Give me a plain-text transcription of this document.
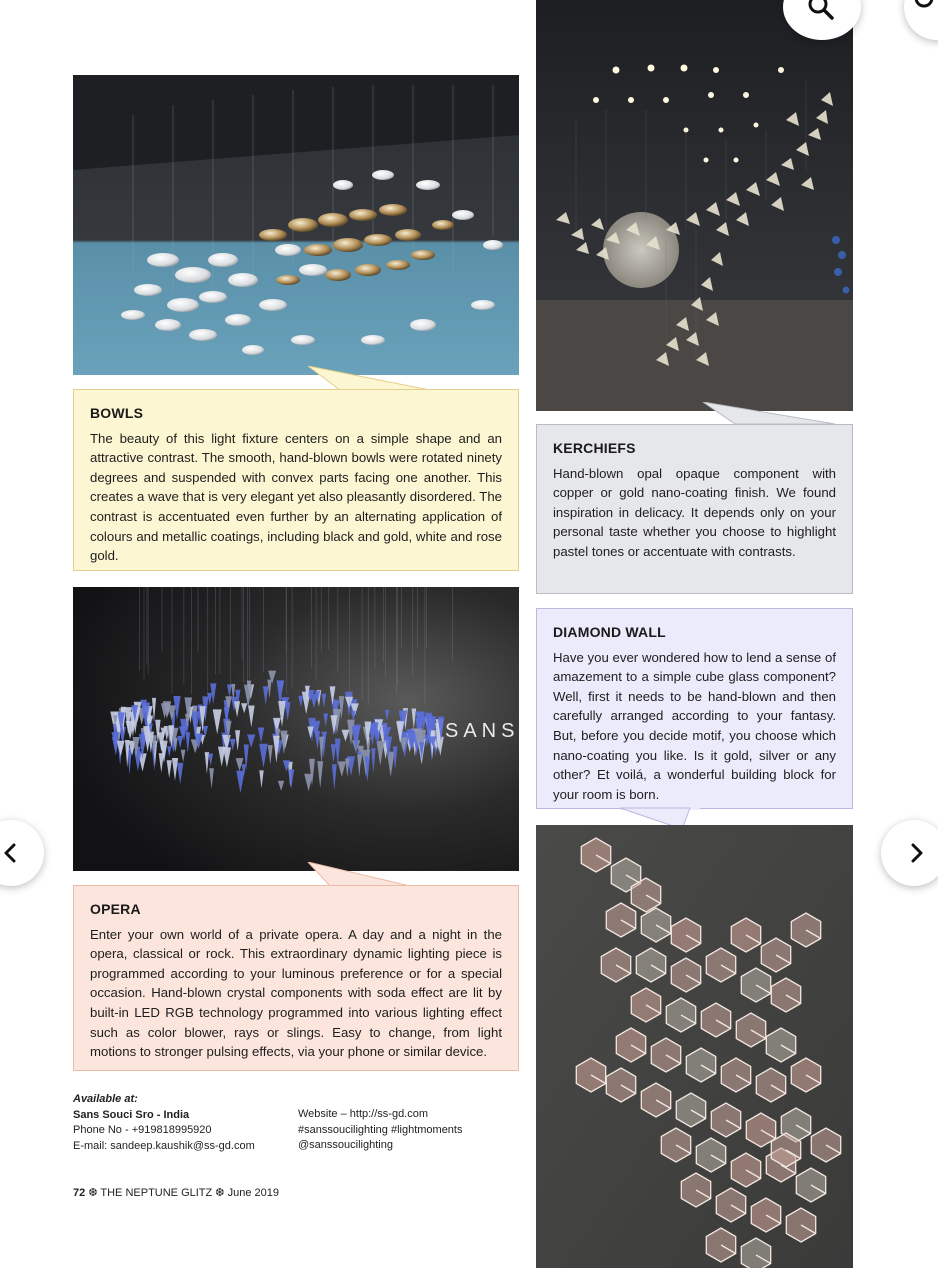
BOWLS

The beauty of this light fixture centers on a simple shape and an attractive contrast. The smooth, hand-blown bowls were rotated ninety degrees and suspended with convex parts facing one another. This creates a wave that is very elegant yet also pleasantly disordered. The contrast is accentuated even further by an alternating application of colours and metallic coatings, including black and gold, white and rose gold.

KERCHIEFS

Hand-blown opal opaque component with copper or gold nano-coating finish. We found inspiration in delicacy. It depends only on your personal taste whether you choose to highlight pastel tones or accentuate with contrasts.

DIAMOND WALL

Have you ever wondered how to lend a sense of amazement to a simple cube glass component? Well, first it needs to be hand-blown and then carefully arranged according to your fantasy. But, before you decide motif, you choose which nano-coating you like. Is it gold, silver or any other? Et voilá, a wonderful building block for your room is born.

SANS
OPERA

Enter your own world of a private opera. A day and a night in the opera, classical or rock. This extraordinary dynamic lighting piece is programmed according to your luminous preference or for a special occasion. Hand-blown crystal components with soda effect are lit by built-in LED RGB technology programmed into various lighting effect such as color blower, rays or slings. Easy to change, from light motions to stronger pulsing effects, via your phone or similar device.

Available at:
Sans Souci Sro - India
Phone No - +919818995920
E-mail: sandeep.kaushik@ss-gd.com
Website – http://ss-gd.com
#sanssoucilighting #lightmoments
@sanssoucilighting
72 ❆ THE NEPTUNE GLITZ ❆ June 2019
